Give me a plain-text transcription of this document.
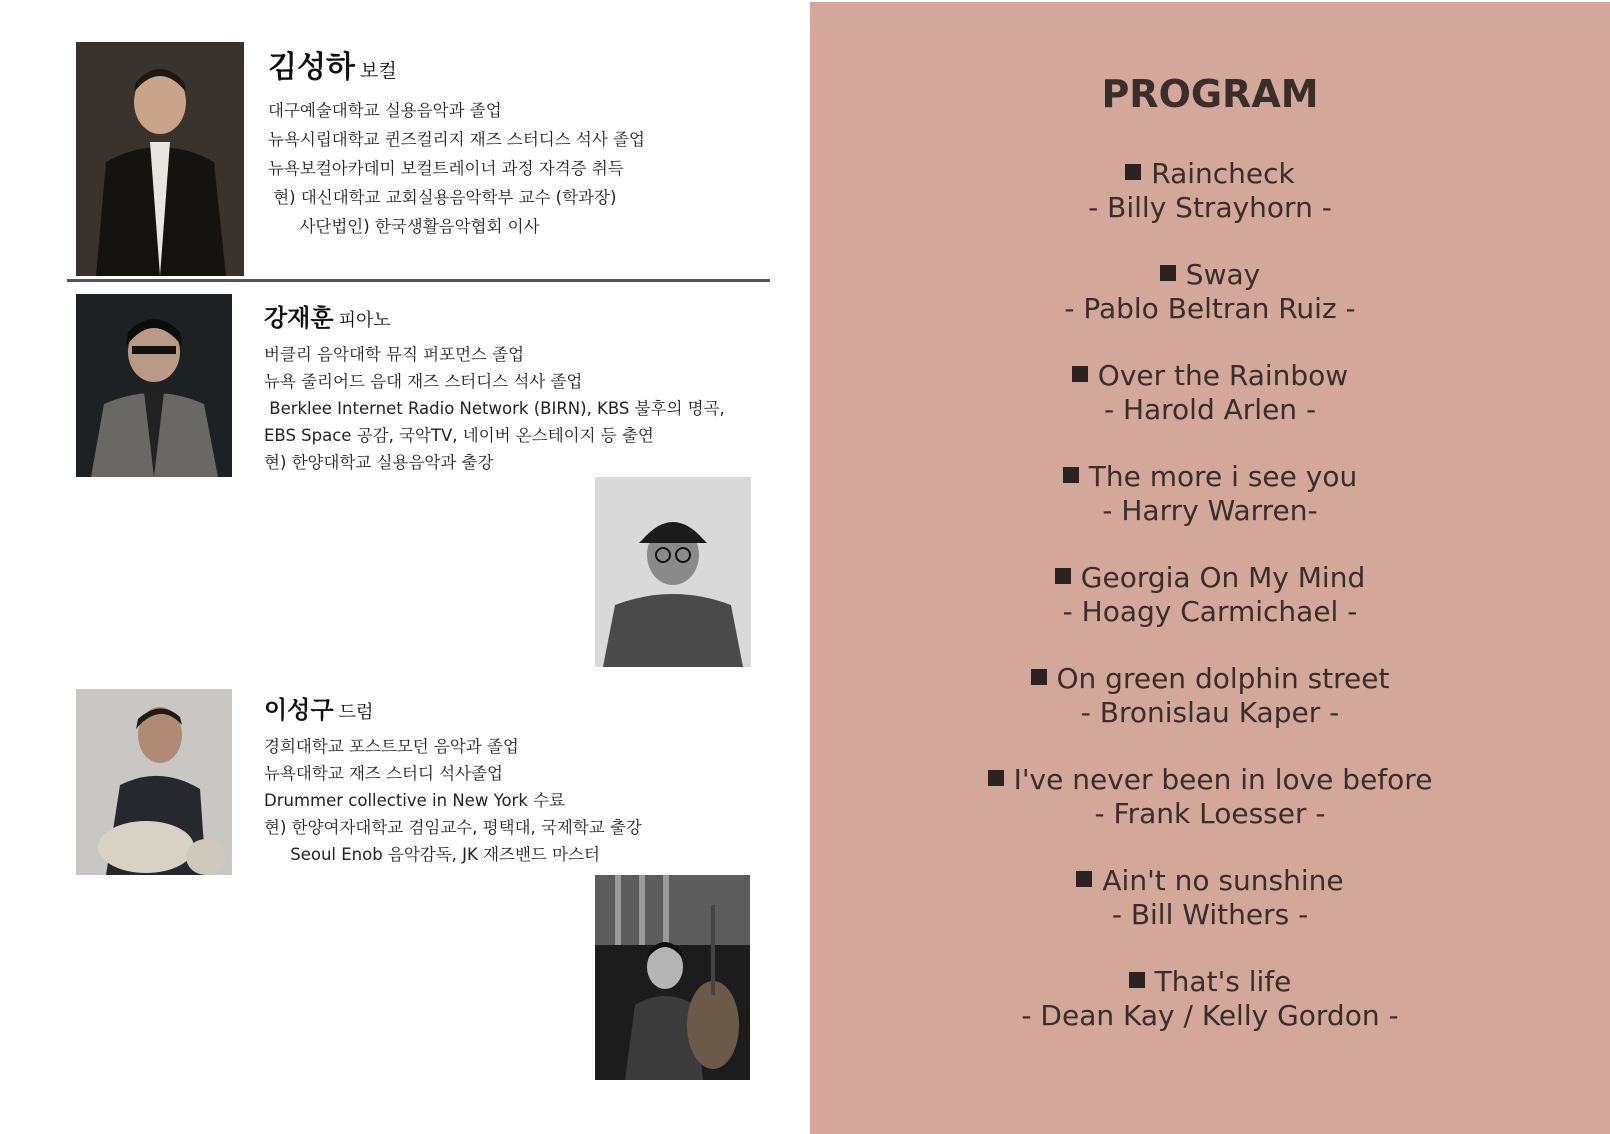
김성하 보컬
대구예술대학교 실용음악과 졸업
뉴욕시립대학교 퀸즈컬리지 재즈 스터디스 석사 졸업
뉴욕보컬아카데미 보컬트레이너 과정 자격증 취득
현) 대신대학교 교회실용음악학부 교수 (학과장)
사단법인) 한국생활음악협회 이사
강재훈 피아노
버클리 음악대학 뮤직 퍼포먼스 졸업
뉴욕 줄리어드 음대 재즈 스터디스 석사 졸업
Berklee Internet Radio Network (BIRN), KBS 불후의 명곡,
EBS Space 공감, 국악TV, 네이버 온스테이지 등 출연
현) 한양대학교 실용음악과 출강
이성구 드럼
경희대학교 포스트모던 음악과 졸업
뉴욕대학교 재즈 스터디 석사졸업
Drummer collective in New York 수료
현) 한양여자대학교 겸임교수, 평택대, 국제학교 출강
Seoul Enob 음악감독, JK 재즈밴드 마스터
PROGRAM
Raincheck
- Billy Strayhorn -
Sway
- Pablo Beltran Ruiz -
Over the Rainbow
- Harold Arlen -
The more i see you
- Harry Warren-
Georgia On My Mind
- Hoagy Carmichael -
On green dolphin street
- Bronislau Kaper -
I've never been in love before
- Frank Loesser -
Ain't no sunshine
- Bill Withers -
That's life
- Dean Kay / Kelly Gordon -
